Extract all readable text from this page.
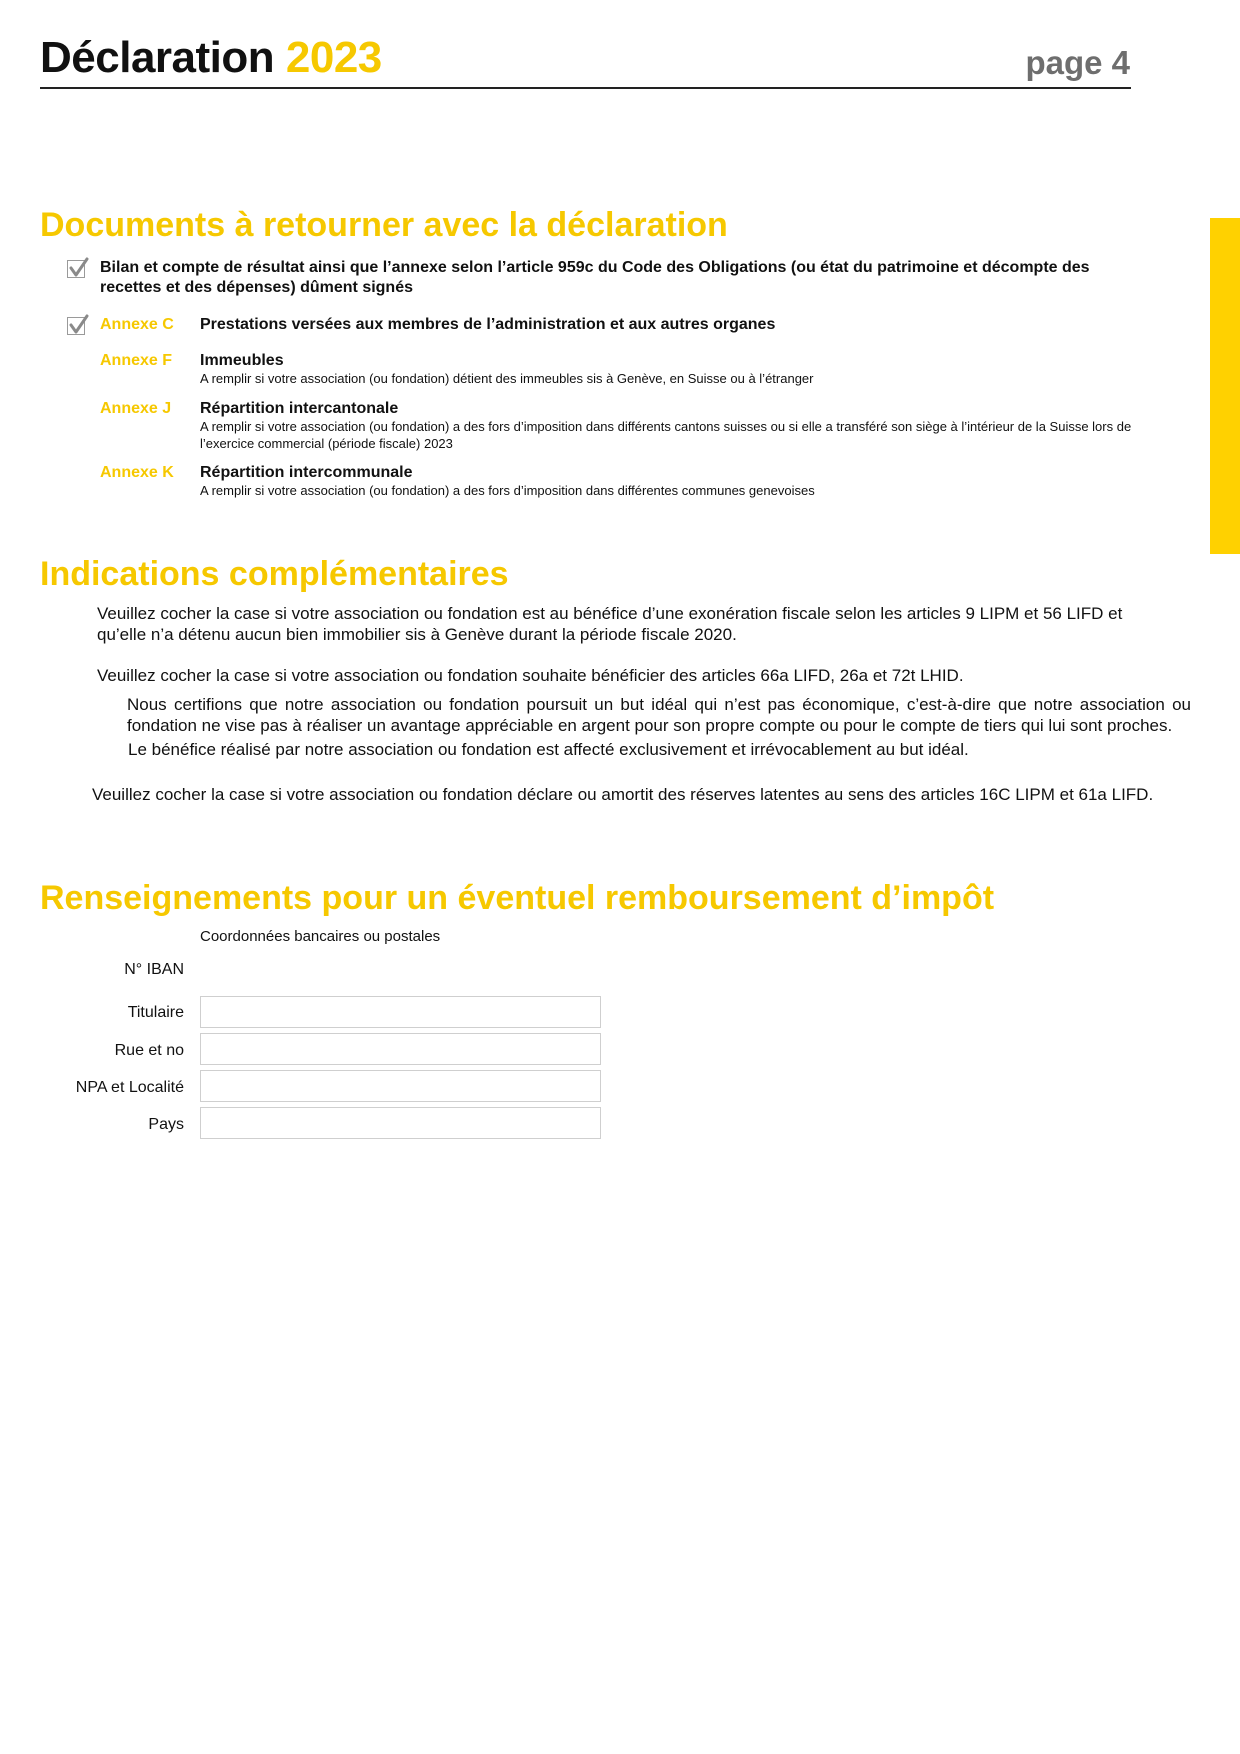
Déclaration 2023	page 4
Documents à retourner avec la déclaration
Bilan et compte de résultat ainsi que l’annexe selon l’article 959c du Code des Obligations (ou état du patrimoine et décompte des recettes et des dépenses) dûment signés
Annexe C Prestations versées aux membres de l’administration et aux autres organes
Annexe F Immeubles
A remplir si votre association (ou fondation) détient des immeubles sis à Genève, en Suisse ou à l’étranger
Annexe J Répartition intercantonale
A remplir si votre association (ou fondation) a des fors d’imposition dans différents cantons suisses ou si elle a transféré son siège à l’intérieur de la Suisse lors de l’exercice commercial (période fiscale) 2023
Annexe K Répartition intercommunale
A remplir si votre association (ou fondation) a des fors d’imposition dans différentes communes genevoises
Indications complémentaires
Veuillez cocher la case si votre association ou fondation est au bénéfice d’une exonération fiscale selon les articles 9 LIPM et 56 LIFD et qu’elle n’a détenu aucun bien immobilier sis à Genève durant la période fiscale 2020.
Veuillez cocher la case si votre association ou fondation souhaite bénéficier des articles 66a LIFD, 26a et 72t LHID.
Nous certifions que notre association ou fondation poursuit un but idéal qui n’est pas économique, c’est-à-dire que notre association ou fondation ne vise pas à réaliser un avantage appréciable en argent pour son propre compte ou pour le compte de tiers qui lui sont proches.
Le bénéfice réalisé par notre association ou fondation est affecté exclusivement et irrévocablement au but idéal.
Veuillez cocher la case si votre association ou fondation déclare ou amortit des réserves latentes au sens des articles 16C LIPM et 61a LIFD.
Renseignements pour un éventuel remboursement d’impôt
Coordonnées bancaires ou postales
N° IBAN
Titulaire
Rue et no
NPA et Localité
Pays
